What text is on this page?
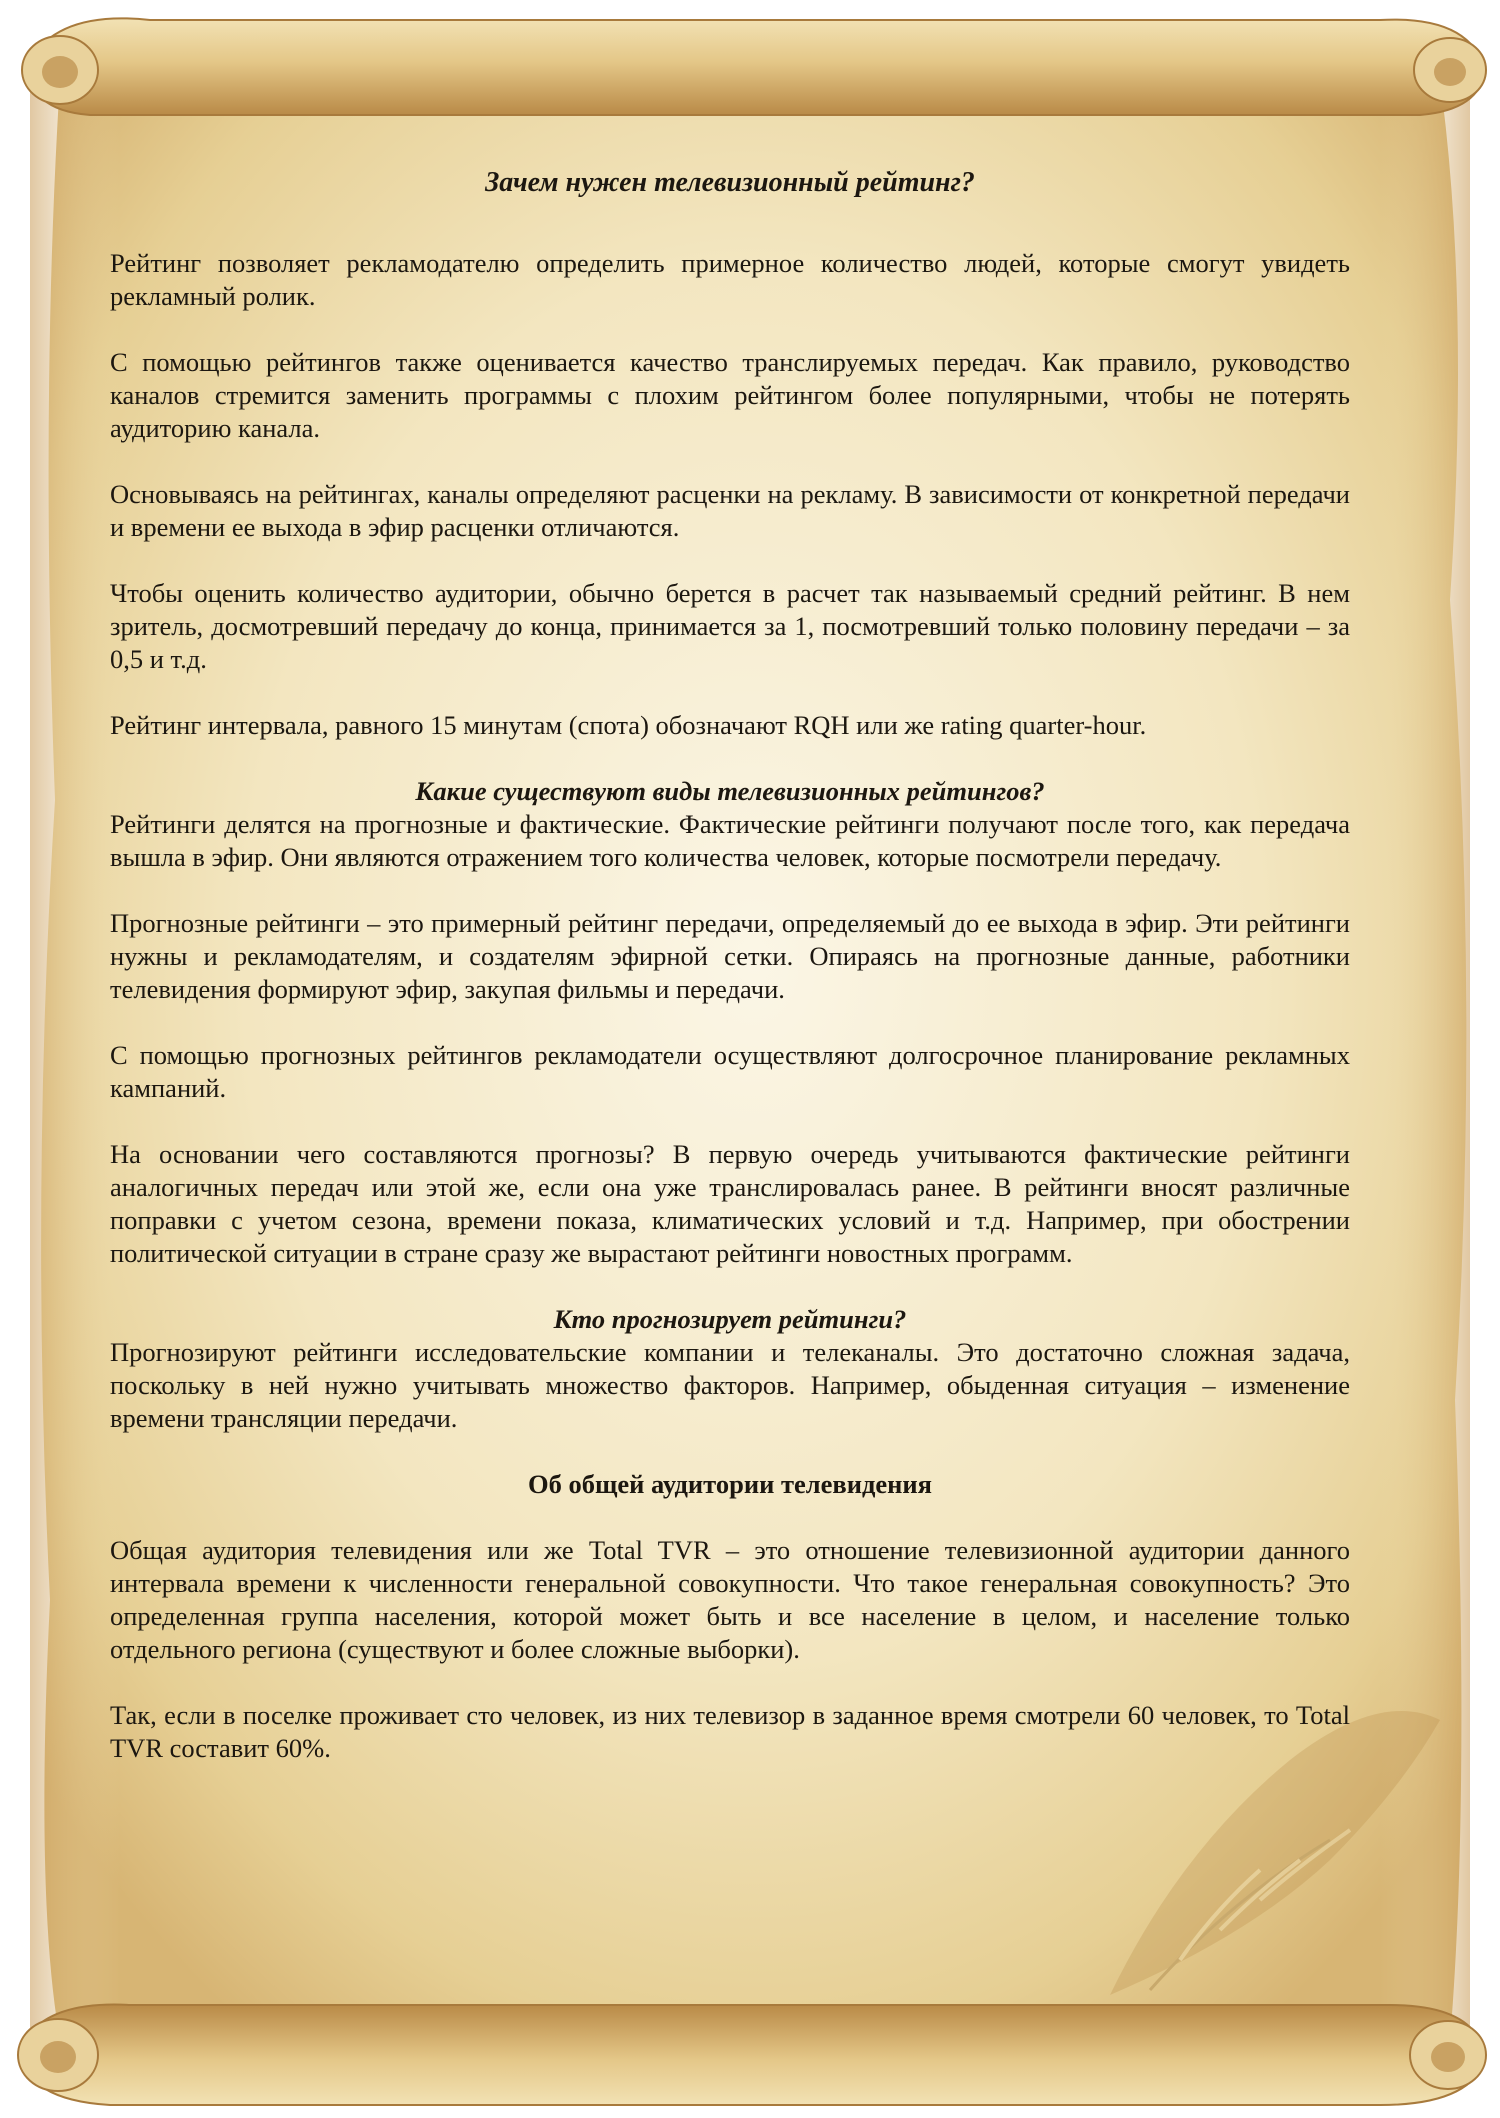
Зачем нужен телевизионный рейтинг?

Рейтинг позволяет рекламодателю определить примерное количество людей, которые смогут увидеть рекламный ролик.

С помощью рейтингов также оценивается качество транслируемых передач. Как правило, руководство каналов стремится заменить программы с плохим рейтингом более популярными, чтобы не потерять аудиторию канала.

Основываясь на рейтингах, каналы определяют расценки на рекламу. В зависимости от конкретной передачи и времени ее выхода в эфир расценки отличаются.

Чтобы оценить количество аудитории, обычно берется в расчет так называемый средний рейтинг. В нем зритель, досмотревший передачу до конца, принимается за 1, посмотревший только половину передачи – за 0,5 и т.д.

Рейтинг интервала, равного 15 минутам (спота) обозначают RQH или же rating quarter-hour.

Какие существуют виды телевизионных рейтингов?

Рейтинги делятся на прогнозные и фактические. Фактические рейтинги получают после того, как передача вышла в эфир. Они являются отражением того количества человек, которые посмотрели передачу.

Прогнозные рейтинги – это примерный рейтинг передачи, определяемый до ее выхода в эфир. Эти рейтинги нужны и рекламодателям, и создателям эфирной сетки. Опираясь на прогнозные данные, работники телевидения формируют эфир, закупая фильмы и передачи.

С помощью прогнозных рейтингов рекламодатели осуществляют долгосрочное планирование рекламных кампаний.

На основании чего составляются прогнозы? В первую очередь учитываются фактические рейтинги аналогичных передач или этой же, если она уже транслировалась ранее. В рейтинги вносят различные поправки с учетом сезона, времени показа, климатических условий и т.д. Например, при обострении политической ситуации в стране сразу же вырастают рейтинги новостных программ.

Кто прогнозирует рейтинги?

Прогнозируют рейтинги исследовательские компании и телеканалы. Это достаточно сложная задача, поскольку в ней нужно учитывать множество факторов. Например, обыденная ситуация – изменение времени трансляции передачи.

Об общей аудитории телевидения

Общая аудитория телевидения или же Total TVR – это отношение телевизионной аудитории данного интервала времени к численности генеральной совокупности. Что такое генеральная совокупность? Это определенная группа населения, которой может быть и все население в целом, и население только отдельного региона (существуют и более сложные выборки).

Так, если в поселке проживает сто человек, из них телевизор в заданное время смотрели 60 человек, то Total TVR составит 60%.
